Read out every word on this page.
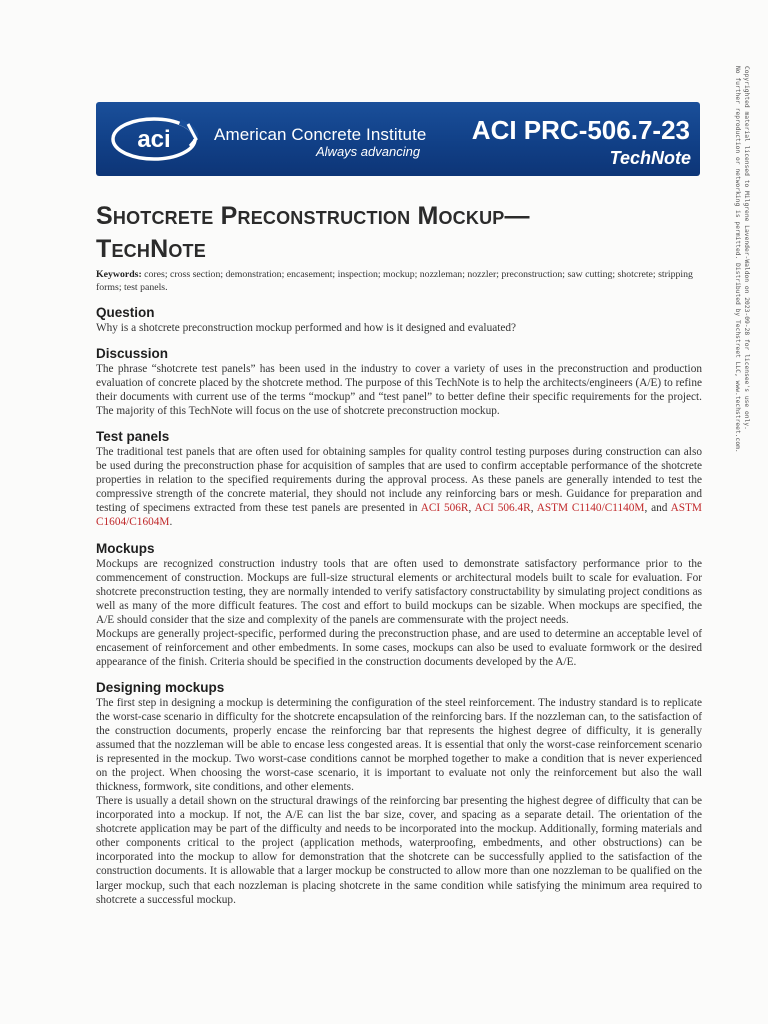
Copyrighted material licensed to Milgrene Lavender-Waldon on 2023-09-28 for licensee's use only.
No further reproduction or networking is permitted. Distributed by Techstreet LLC, www.techstreet.com.
aci	American Concrete Institute
Always advancing
ACI PRC-506.7-23
TechNote
Shotcrete Preconstruction Mockup—
TechNote
Keywords: cores; cross section; demonstration; encasement; inspection; mockup; nozzleman; nozzler; preconstruction; saw cutting; shotcrete; stripping forms; test panels.
Question

Why is a shotcrete preconstruction mockup performed and how is it designed and evaluated?

Discussion

The phrase “shotcrete test panels” has been used in the industry to cover a variety of uses in the preconstruction and production evaluation of concrete placed by the shotcrete method. The purpose of this TechNote is to help the architects/engineers (A/E) to refine their documents with current use of the terms “mockup” and “test panel” to better define their specific requirements for the project. The majority of this TechNote will focus on the use of shotcrete preconstruction mockup.

Test panels

The traditional test panels that are often used for obtaining samples for quality control testing purposes during construction can also be used during the preconstruction phase for acquisition of samples that are used to confirm acceptable performance of the shotcrete properties in relation to the specified requirements during the approval process. As these panels are generally intended to test the compressive strength of the concrete material, they should not include any reinforcing bars or mesh. Guidance for preparation and testing of specimens extracted from these test panels are presented in ACI 506R, ACI 506.4R, ASTM C1140/C1140M, and ASTM C1604/C1604M.

Mockups

Mockups are recognized construction industry tools that are often used to demonstrate satisfactory performance prior to the commencement of construction. Mockups are full-size structural elements or architectural models built to scale for evaluation. For shotcrete preconstruction testing, they are normally intended to verify satisfactory constructability by simulating project conditions as well as many of the more difficult features. The cost and effort to build mockups can be sizable. When mockups are specified, the A/E should consider that the size and complexity of the panels are commensurate with the project needs.

Mockups are generally project-specific, performed during the preconstruction phase, and are used to determine an acceptable level of encasement of reinforcement and other embedments. In some cases, mockups can also be used to evaluate formwork or the desired appearance of the finish. Criteria should be specified in the construction documents developed by the A/E.

Designing mockups

The first step in designing a mockup is determining the configuration of the steel reinforcement. The industry standard is to replicate the worst-case scenario in difficulty for the shotcrete encapsulation of the reinforcing bars. If the nozzleman can, to the satisfaction of the construction documents, properly encase the reinforcing bar that represents the highest degree of difficulty, it is generally assumed that the nozzleman will be able to encase less congested areas. It is essential that only the worst-case reinforcement scenario is represented in the mockup. Two worst-case conditions cannot be morphed together to make a condition that is never experienced on the project. When choosing the worst-case scenario, it is important to evaluate not only the reinforcement but also the wall thickness, formwork, site conditions, and other elements.

There is usually a detail shown on the structural drawings of the reinforcing bar presenting the highest degree of difficulty that can be incorporated into a mockup. If not, the A/E can list the bar size, cover, and spacing as a separate detail. The orientation of the shotcrete application may be part of the difficulty and needs to be incorporated into the mockup. Additionally, forming materials and other components critical to the project (application methods, waterproofing, embedments, and other obstructions) can be incorporated into the mockup to allow for demonstration that the shotcrete can be successfully applied to the satisfaction of the construction documents. It is allowable that a larger mockup be constructed to allow more than one nozzleman to be qualified on the larger mockup, such that each nozzleman is placing shotcrete in the same condition while satisfying the minimum area required to shotcrete a successful mockup.
